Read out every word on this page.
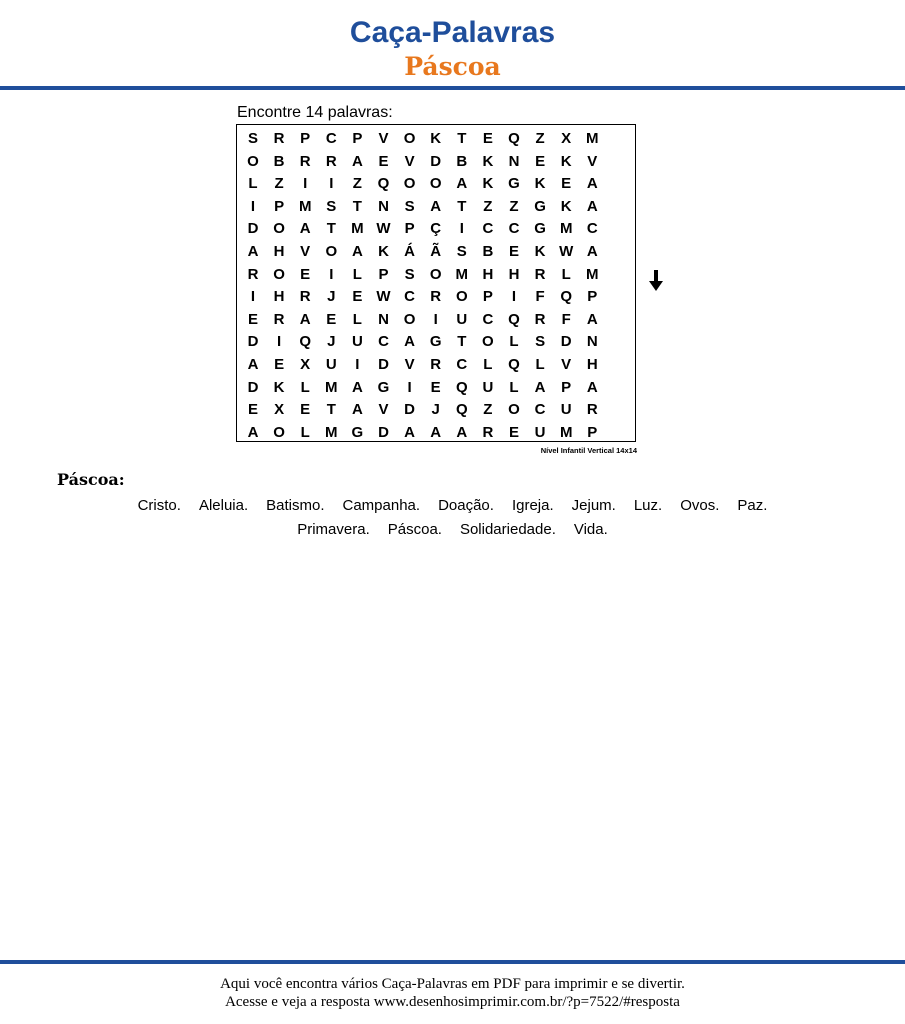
Caça-Palavras
Páscoa
Encontre 14 palavras:
S	R	P	C	P	V	O K	T	E	Q	Z	X M
O B	R	R	A	E	V	D	B	K	N	E	K	V
L	Z	I	I	Z	Q O O A	K G K	E	A
I	P M S	T	N	S	A	T	Z	Z	G K	A
D O A	T	M W P	Ç	I	C	C G M C
A	H	V	O A	K	Á	Ã	S	B	E	K W A
R O	E	I	L	P	S	O M H	H	R	L	M
I	H	R	J	E W C	R O	P	I	F	Q	P
E	R	A	E	L	N O	I	U	C Q R	F	A
D	I	Q	J	U	C	A G	T	O	L	S	D	N
A	E	X	U	I	D	V	R	C	L	Q	L	V	H
D	K	L	M A G	I	E	Q U	L	A	P	A
E	X	E	T	A	V	D	J	Q	Z	O C	U	R
A O	L	M G D	A	A	A	R	E	U M P
Nível Infantil Vertical 14x14
Páscoa:
Cristo. Aleluia. Batismo. Campanha. Doação. Igreja. Jejum. Luz. Ovos. Paz.
Primavera. Páscoa. Solidariedade. Vida.
Aqui você encontra vários Caça-Palavras em PDF para imprimir e se divertir.
Acesse e veja a resposta www.desenhosimprimir.com.br/?p=7522/#resposta
